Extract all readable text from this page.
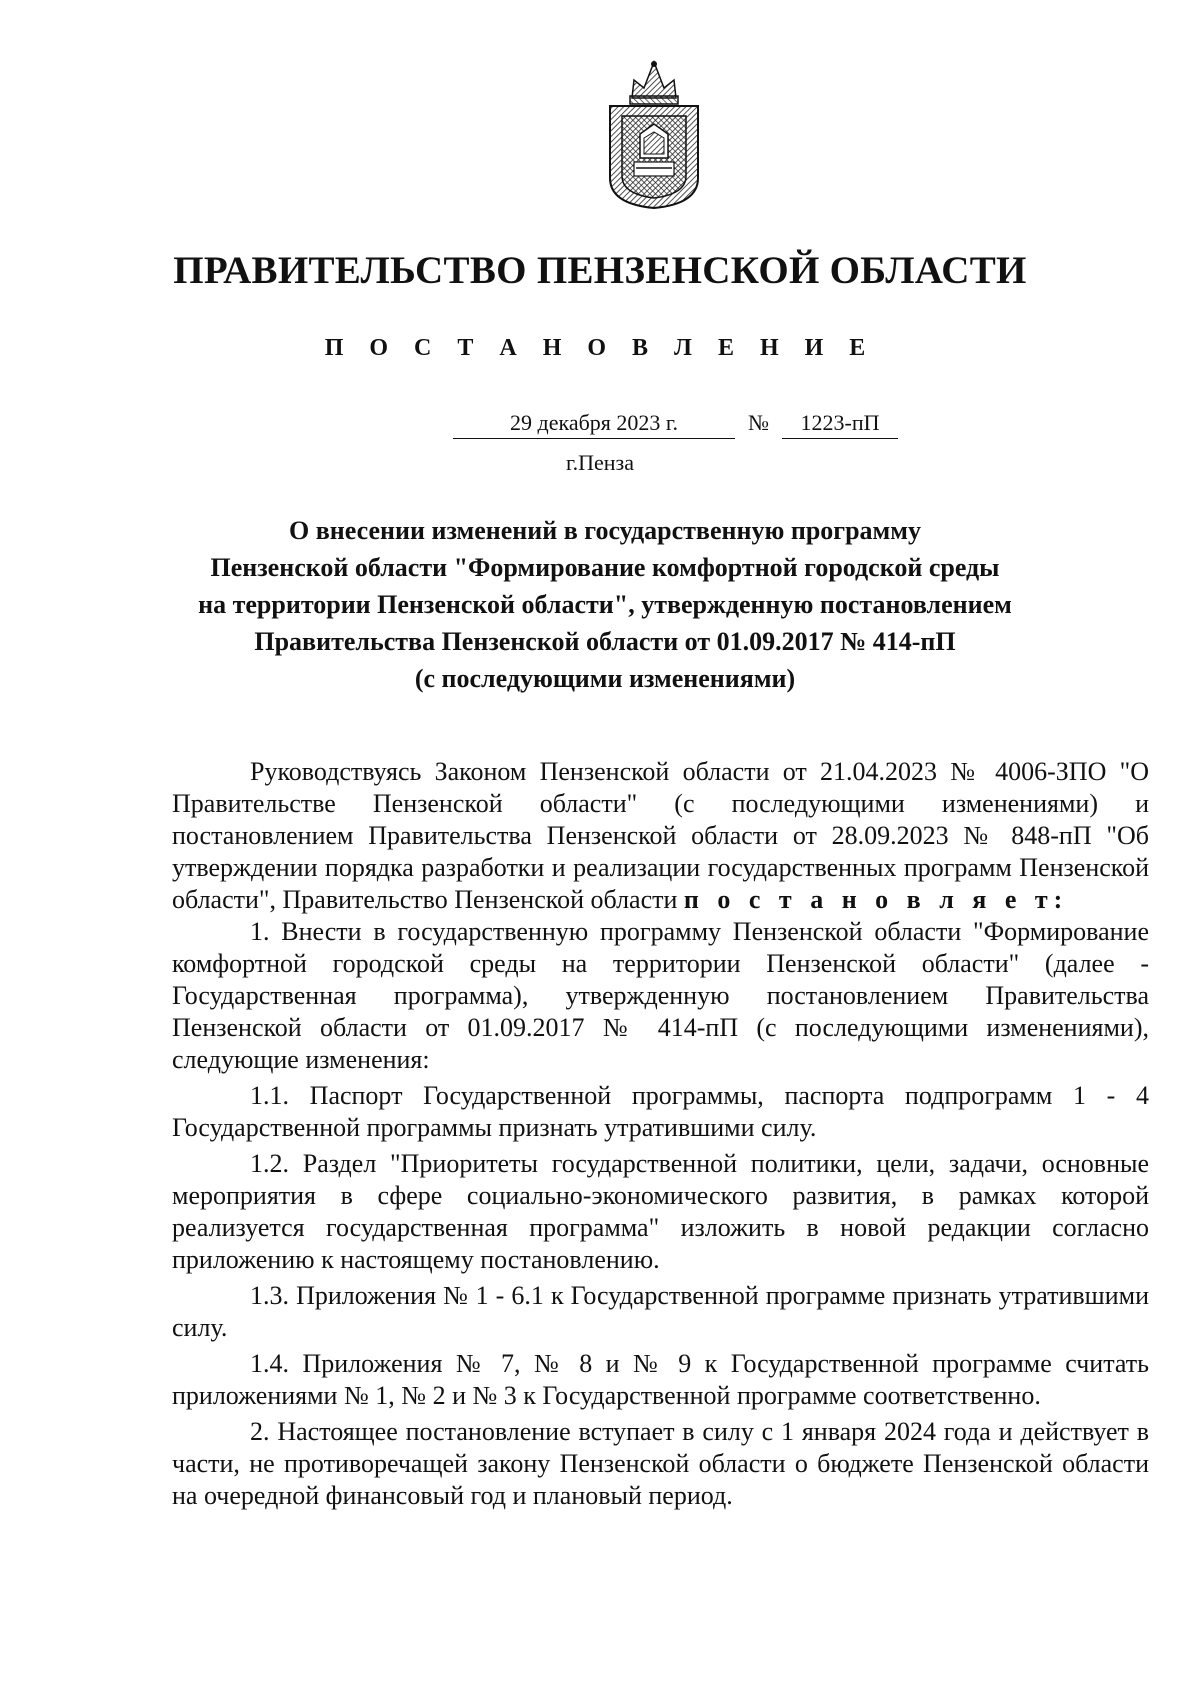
ПРАВИТЕЛЬСТВО ПЕНЗЕНСКОЙ ОБЛАСТИ
П О С Т А Н О В Л Е Н И Е
29 декабря 2023 г.	№	1223-пП
г.Пенза
О внесении изменений в государственную программу
Пензенской области "Формирование комфортной городской среды
на территории Пензенской области", утвержденную постановлением
Правительства Пензенской области от 01.09.2017 № 414-пП
(с последующими изменениями)

Руководствуясь Законом Пензенской области от 21.04.2023 № 4006-ЗПО "О Правительстве Пензенской области" (с последующими изменениями) и постановлением Правительства Пензенской области от 28.09.2023 № 848-пП "Об утверждении порядка разработки и реализации государственных программ Пензенской области", Правительство Пензенской области п о с т а н о в л я е т:

1. Внести в государственную программу Пензенской области "Формирование комфортной городской среды на территории Пензенской области" (далее - Государственная программа), утвержденную постановлением Правительства Пензенской области от 01.09.2017 № 414-пП (с последующими изменениями), следующие изменения:

1.1. Паспорт Государственной программы, паспорта подпрограмм 1 - 4 Государственной программы признать утратившими силу.

1.2. Раздел "Приоритеты государственной политики, цели, задачи, основные мероприятия в сфере социально-экономического развития, в рамках которой реализуется государственная программа" изложить в новой редакции согласно приложению к настоящему постановлению.

1.3. Приложения № 1 - 6.1 к Государственной программе признать утратившими силу.

1.4. Приложения № 7, № 8 и № 9 к Государственной программе считать приложениями № 1, № 2 и № 3 к Государственной программе соответственно.

2. Настоящее постановление вступает в силу с 1 января 2024 года и действует в части, не противоречащей закону Пензенской области о бюджете Пензенской области на очередной финансовый год и плановый период.
